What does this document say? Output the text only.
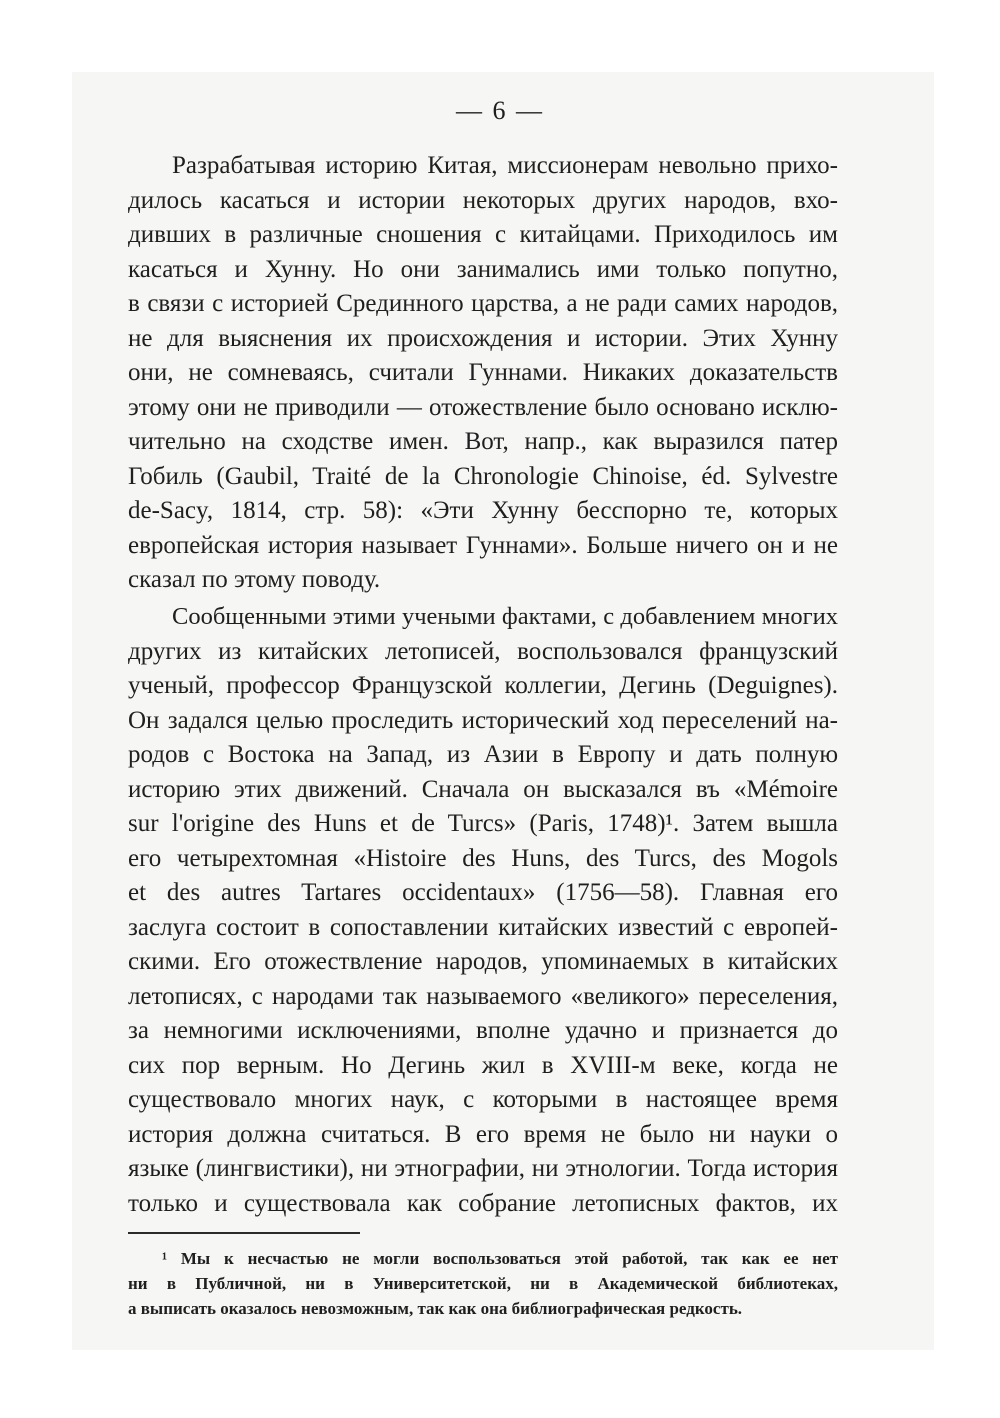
— 6 —
Разрабатывая историю Китая, миссионерам невольно прихо-
дилось касаться и истории некоторых других народов, вхо-
дивших в различные сношения с китайцами. Приходилось им
касаться и Хунну. Но они занимались ими только попутно,
в связи с историей Срединного царства, а не ради самих народов,
не для выяснения их происхождения и истории. Этих Хунну
они, не сомневаясь, считали Гуннами. Никаких доказательств
этому они не приводили — отожествление было основано исклю-
чительно на сходстве имен. Вот, напр., как выразился патер
Гобиль (Gaubil, Traité de la Chronologie Chinoise, éd. Sylvestre
de-Sacy, 1814, стр. 58): «Эти Хунну бесспорно те, которых
европейская история называет Гуннами». Больше ничего он и не
сказал по этому поводу.
Сообщенными этими учеными фактами, с добавлением многих
других из китайских летописей, воспользовался французский
ученый, профессор Французской коллегии, Дегинь (Deguignes).
Он задался целью проследить исторический ход переселений на-
родов с Востока на Запад, из Азии в Европу и дать полную
историю этих движений. Сначала он высказался въ «Mémoire
sur l'origine des Huns et de Turcs» (Paris, 1748)¹. Затем вышла
его четырехтомная «Histoire des Huns, des Turcs, des Mogols
et des autres Tartares occidentaux» (1756—58). Главная его
заслуга состоит в сопоставлении китайских известий с европей-
скими. Его отожествление народов, упоминаемых в китайских
летописях, с народами так называемого «великого» переселения,
за немногими исключениями, вполне удачно и признается до
сих пор верным. Но Дегинь жил в XVIII-м веке, когда не
существовало многих наук, с которыми в настоящее время
история должна считаться. В его время не было ни науки о
языке (лингвистики), ни этнографии, ни этнологии. Тогда история
только и существовала как собрание летописных фактов, их
¹ Мы к несчастью не могли воспользоваться этой работой, так как ее нет
ни в Публичной, ни в Университетской, ни в Академической библиотеках,
а выписать оказалось невозможным, так как она библиографическая редкость.
